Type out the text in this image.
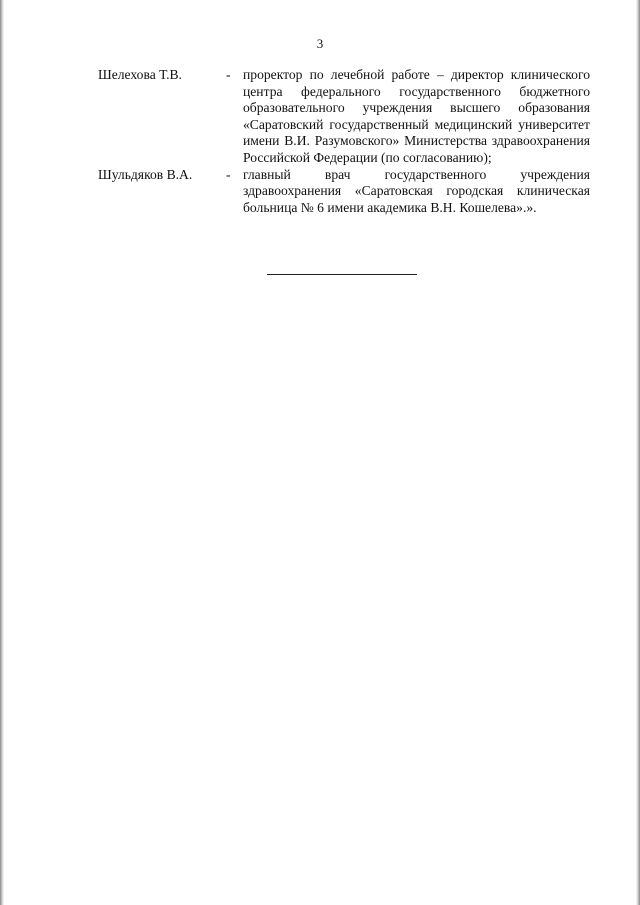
3
Шелехова Т.В.	- проректор по лечебной работе – директор клинического центра федерального государственного бюджетного образовательного учреждения высшего образования «Саратовский государственный медицинский университет имени В.И. Разумовского» Министерства здравоохранения Российской Федерации (по согласованию);
Шульдяков В.А.	- главный врач государственного учреждения здравоохранения «Саратовская городская клиническая больница № 6 имени академика В.Н. Кошелева».».
